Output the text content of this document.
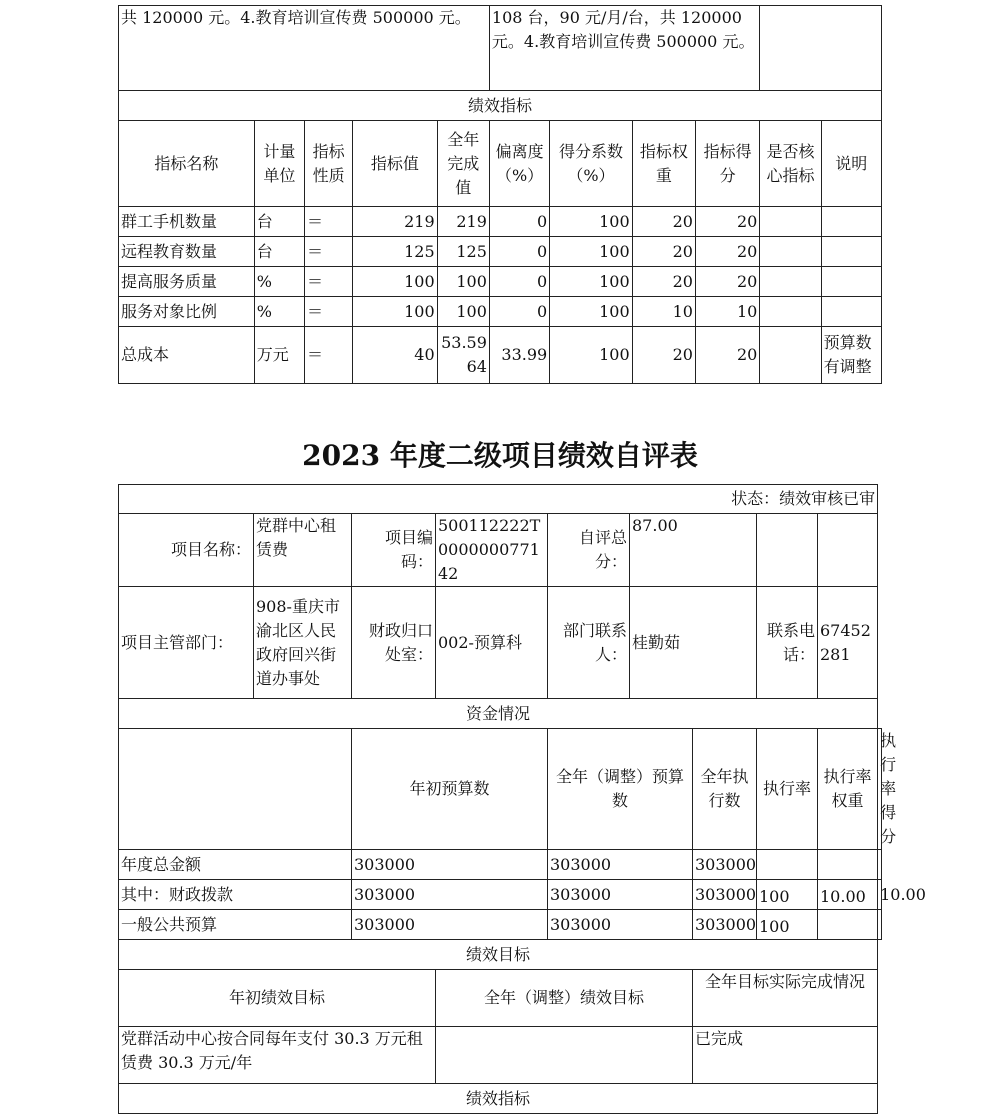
共 120000 元。4.教育培训宣传费 500000 元。					108 台，90 元/月/台，共 120000 元。4.教育培训宣传费 500000 元。					
绩效指标										
指标名称	计量单位	指标性质	指标值	全年完成值	偏离度（%）	得分系数（%）	指标权重	指标得分	是否核心指标	说明
群工手机数量	台	＝	219	219	0	100	20	20		
远程教育数量	台	＝	125	125	0	100	20	20		
提高服务质量	%	＝	100	100	0	100	20	20		
服务对象比例	%	＝	100	100	0	100	10	10		
总成本	万元	＝	40	53.5964	33.99	100	20	20		预算数有调整
2023 年度二级项目绩效自评表
状态：绩效审核已审									
项目名称：	党群中心租赁费	项目编码：	500112222T000000077142	自评总分：	87.00				
项目主管部门：	908-重庆市渝北区人民政府回兴街道办事处	财政归口处室：	002-预算科	部门联系人：	桂勤茹		联系电话：	67452281	
资金情况									
		年初预算数		全年（调整）预算数		全年执行数	执行率	执行率权重	执行率得分
年度总金额		303000		303000		303000			
其中：财政拨款		303000		303000		303000	100	10.00	10.00
一般公共预算		303000		303000		303000	100		
绩效目标									
年初绩效目标			全年（调整）绩效目标			全年目标实际完成情况			
党群活动中心按合同每年支付 30.3 万元租赁费 30.3 万元/年						已完成			
绩效指标									
